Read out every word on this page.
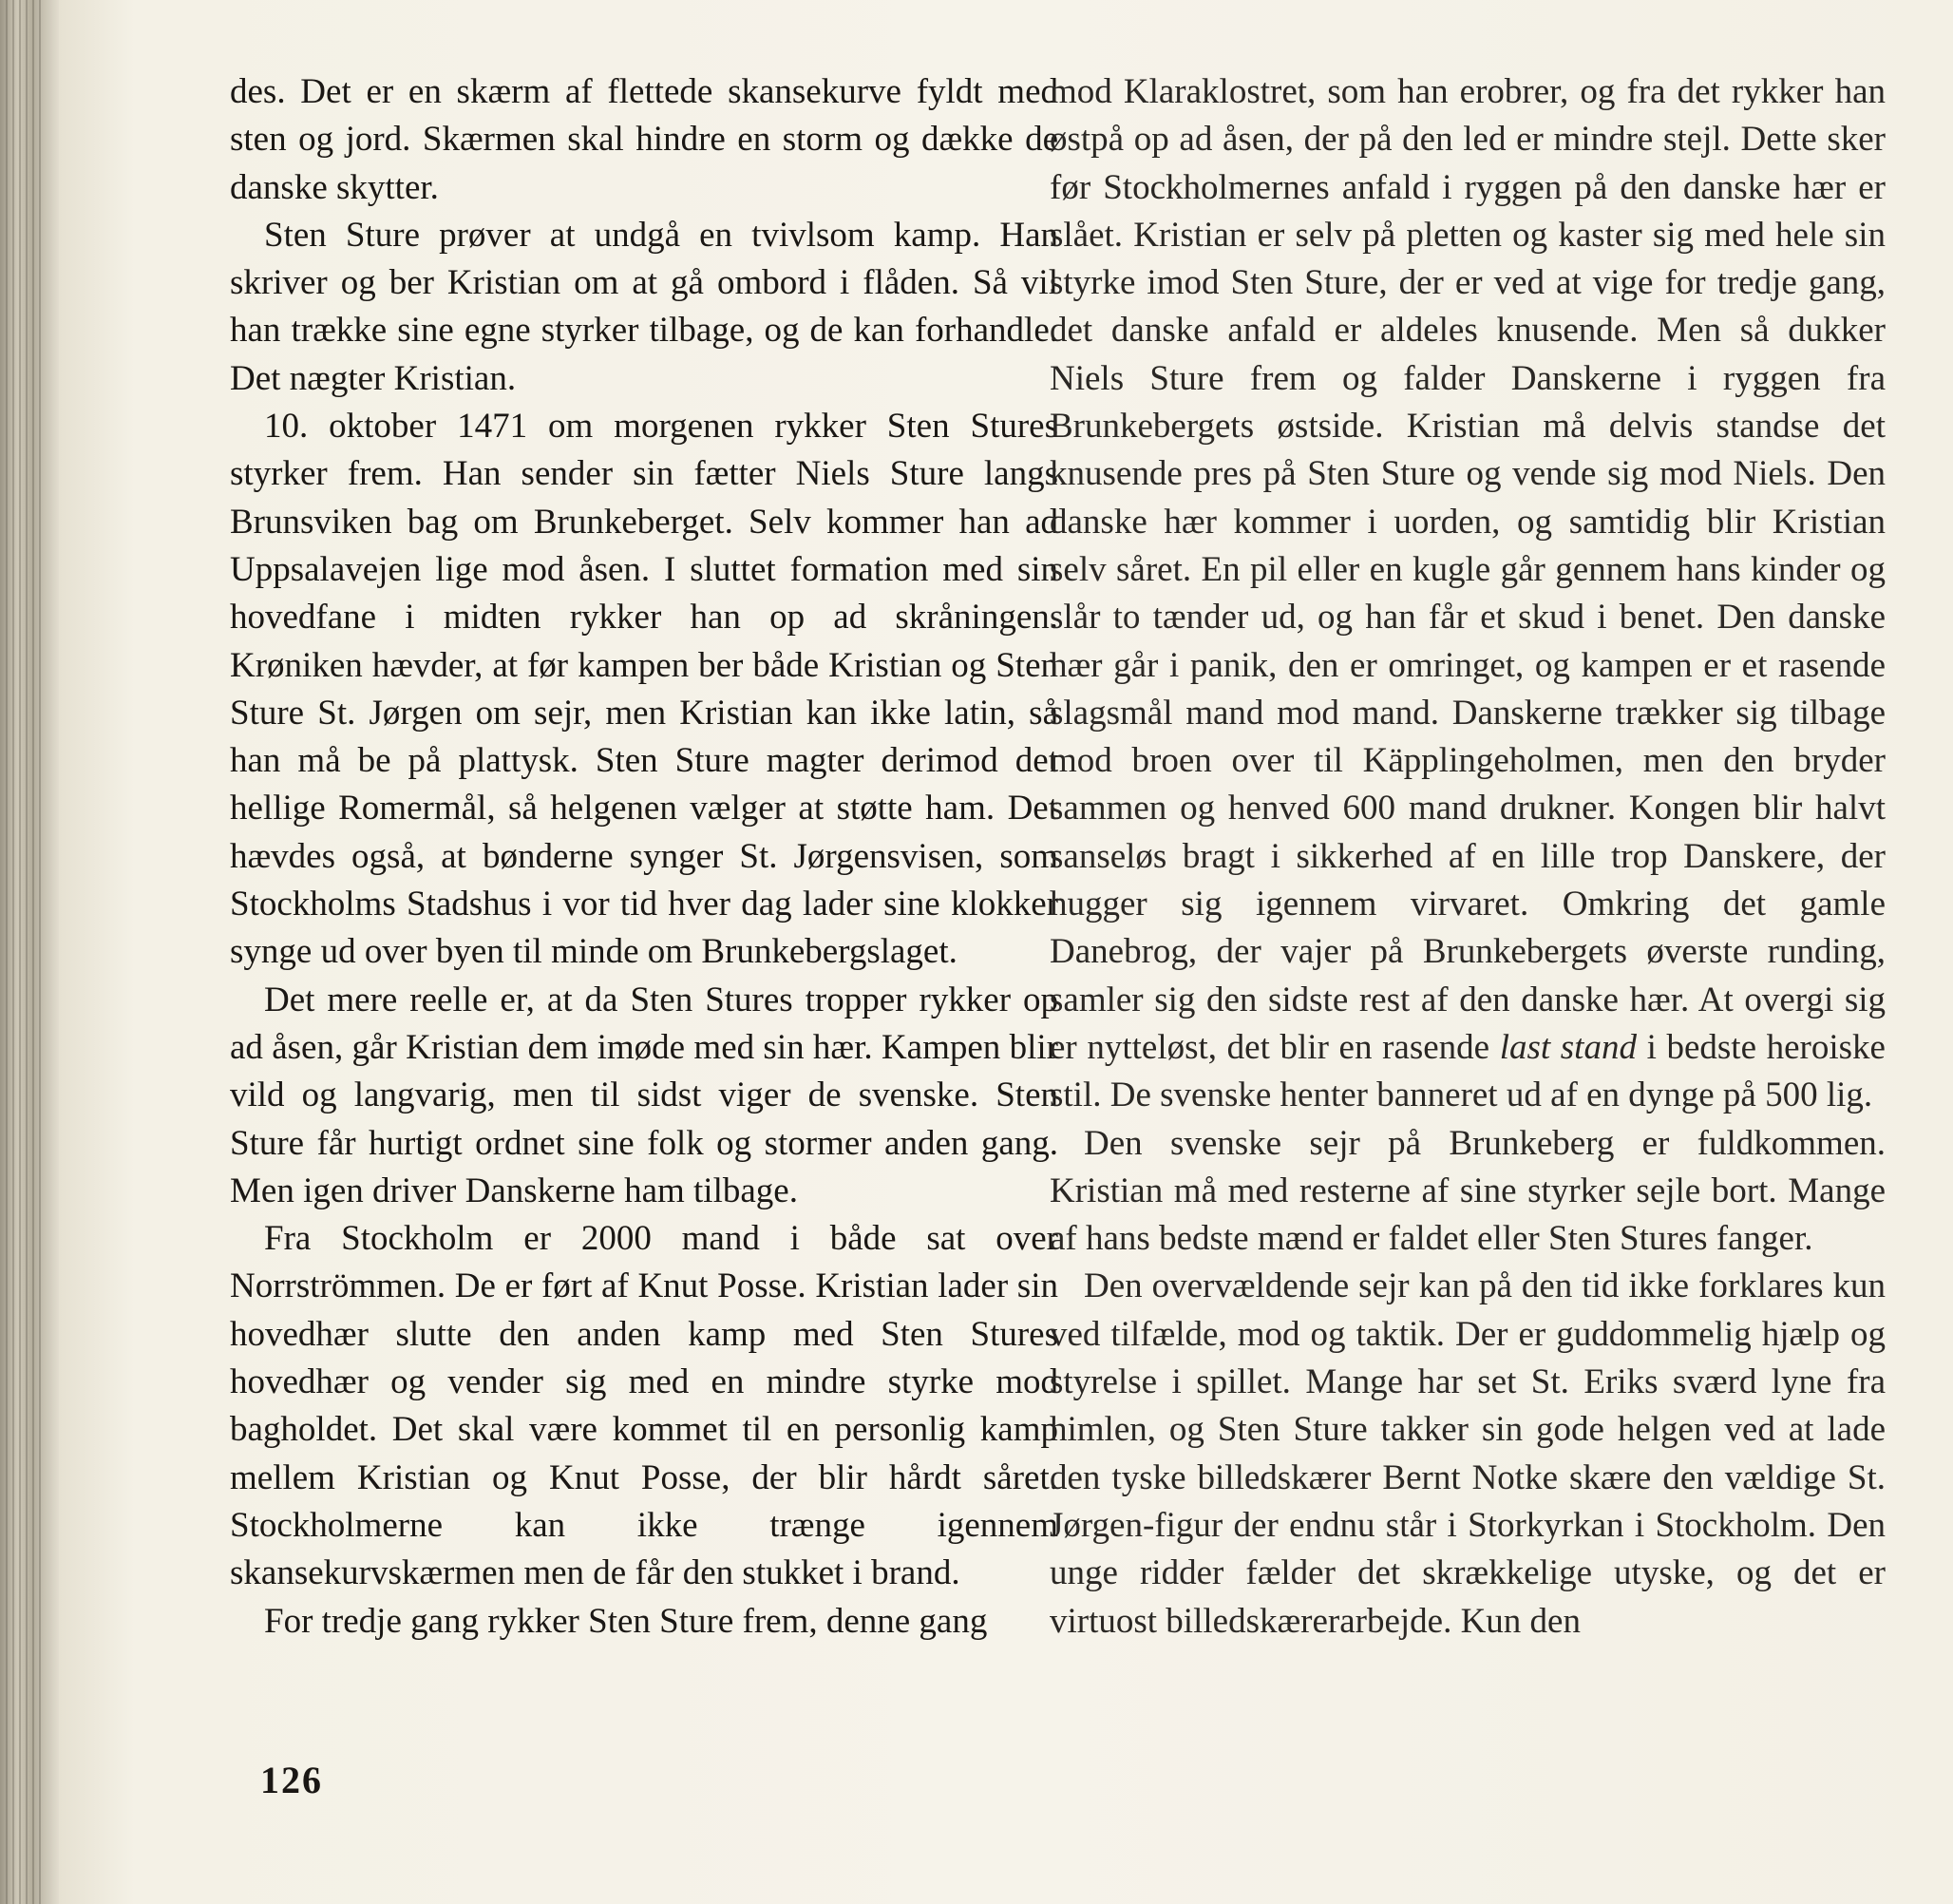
des. Det er en skærm af flettede skansekurve fyldt med sten og jord. Skærmen skal hindre en storm og dække de danske skytter.

Sten Sture prøver at undgå en tvivlsom kamp. Han skriver og ber Kristian om at gå ombord i flåden. Så vil han trække sine egne styrker tilbage, og de kan forhandle. Det nægter Kristian.

10. oktober 1471 om morgenen rykker Sten Stures styrker frem. Han sender sin fætter Niels Sture langs Brunsviken bag om Brunkeberget. Selv kommer han ad Uppsalavejen lige mod åsen. I sluttet formation med sin hovedfane i midten rykker han op ad skråningen. Krøniken hævder, at før kampen ber både Kristian og Sten Sture St. Jørgen om sejr, men Kristian kan ikke latin, så han må be på plattysk. Sten Sture magter derimod det hellige Romermål, så helgenen vælger at støtte ham. Det hævdes også, at bønderne synger St. Jørgensvisen, som Stockholms Stadshus i vor tid hver dag lader sine klokker synge ud over byen til minde om Brunkebergslaget.

Det mere reelle er, at da Sten Stures tropper rykker op ad åsen, går Kristian dem imøde med sin hær. Kampen blir vild og langvarig, men til sidst viger de svenske. Sten Sture får hurtigt ordnet sine folk og stormer anden gang. Men igen driver Danskerne ham tilbage.

Fra Stockholm er 2000 mand i både sat over Norrströmmen. De er ført af Knut Posse. Kristian lader sin hovedhær slutte den anden kamp med Sten Stures hovedhær og vender sig med en mindre styrke mod bagholdet. Det skal være kommet til en personlig kamp mellem Kristian og Knut Posse, der blir hårdt såret. Stockholmerne kan ikke trænge igennem skansekurvskærmen men de får den stukket i brand.

For tredje gang rykker Sten Sture frem, denne gang

mod Klaraklostret, som han erobrer, og fra det rykker han østpå op ad åsen, der på den led er mindre stejl. Dette sker før Stockholmernes anfald i ryggen på den danske hær er slået. Kristian er selv på pletten og kaster sig med hele sin styrke imod Sten Sture, der er ved at vige for tredje gang, det danske anfald er aldeles knusende. Men så dukker Niels Sture frem og falder Danskerne i ryggen fra Brunkebergets østside. Kristian må delvis standse det knusende pres på Sten Sture og vende sig mod Niels. Den danske hær kommer i uorden, og samtidig blir Kristian selv såret. En pil eller en kugle går gennem hans kinder og slår to tænder ud, og han får et skud i benet. Den danske hær går i panik, den er omringet, og kampen er et rasende slagsmål mand mod mand. Danskerne trækker sig tilbage mod broen over til Käpplingeholmen, men den bryder sammen og henved 600 mand drukner. Kongen blir halvt sanseløs bragt i sikkerhed af en lille trop Danskere, der hugger sig igennem virvaret. Omkring det gamle Danebrog, der vajer på Brunkebergets øverste runding, samler sig den sidste rest af den danske hær. At overgi sig er nytteløst, det blir en rasende last stand i bedste heroiske stil. De svenske henter banneret ud af en dynge på 500 lig.

Den svenske sejr på Brunkeberg er fuldkommen. Kristian må med resterne af sine styrker sejle bort. Mange af hans bedste mænd er faldet eller Sten Stures fanger.

Den overvældende sejr kan på den tid ikke forklares kun ved tilfælde, mod og taktik. Der er guddommelig hjælp og styrelse i spillet. Mange har set St. Eriks sværd lyne fra himlen, og Sten Sture takker sin gode helgen ved at lade den tyske billedskærer Bernt Notke skære den vældige St. Jørgen-figur der endnu står i Storkyrkan i Stockholm. Den unge ridder fælder det skrækkelige utyske, og det er virtuost billedskærerarbejde. Kun den

126
